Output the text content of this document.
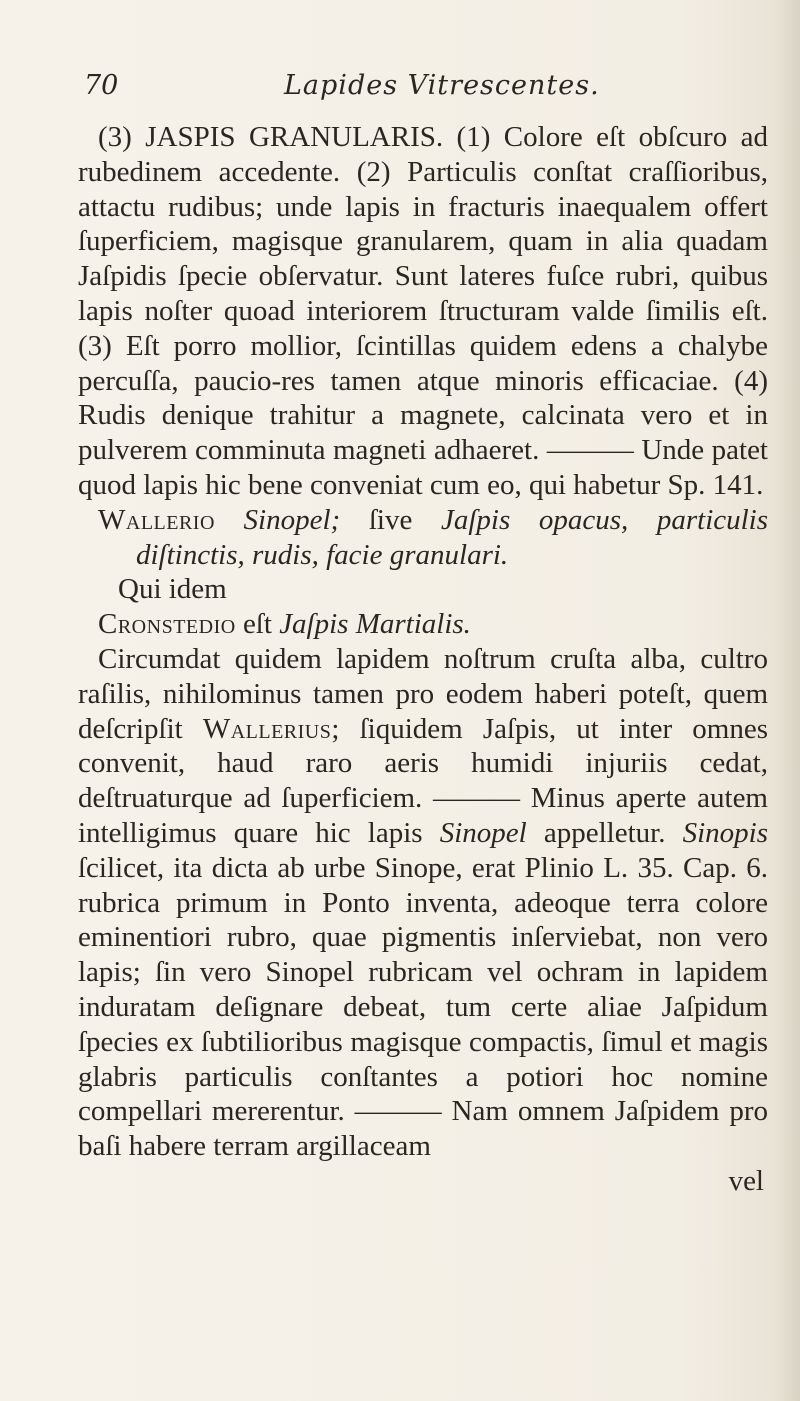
70	Lapides Vitrescentes.

(3) JASPIS GRANULARIS. (1) Colore eſt obſcuro ad rubedinem accedente. (2) Particulis conſtat craſſioribus, attactu rudibus; unde lapis in fracturis inaequalem offert ſuperficiem, magisque granularem, quam in alia quadam Jaſpidis ſpecie obſervatur. Sunt lateres fuſce rubri, quibus lapis noſter quoad interiorem ſtructuram valde ſimilis eſt. (3) Eſt porro mollior, ſcintillas quidem edens a chalybe percuſſa, paucio-res tamen atque minoris efficaciae. (4) Rudis denique trahitur a magnete, calcinata vero et in pulverem comminuta magneti adhaeret. ——— Unde patet quod lapis hic bene conveniat cum eo, qui habetur Sp. 141.

Wallerio Sinopel; ſive Jaſpis opacus, particulis diſtinctis, rudis, facie granulari.

Qui idem

Cronstedio eſt Jaſpis Martialis.

Circumdat quidem lapidem noſtrum cruſta alba, cultro raſilis, nihilominus tamen pro eodem haberi poteſt, quem deſcripſit Wallerius; ſiquidem Jaſpis, ut inter omnes convenit, haud raro aeris humidi injuriis cedat, deſtruaturque ad ſuperficiem. ——— Minus aperte autem intelligimus quare hic lapis Sinopel appelletur. Sinopis ſcilicet, ita dicta ab urbe Sinope, erat Plinio L. 35. Cap. 6. rubrica primum in Ponto inventa, adeoque terra colore eminentiori rubro, quae pigmentis inſerviebat, non vero lapis; ſin vero Sinopel rubricam vel ochram in lapidem induratam deſignare debeat, tum certe aliae Jaſpidum ſpecies ex ſubtilioribus magisque compactis, ſimul et magis glabris particulis conſtantes a potiori hoc nomine compellari mererentur. ——— Nam omnem Jaſpidem pro baſi habere terram argillaceam

vel
